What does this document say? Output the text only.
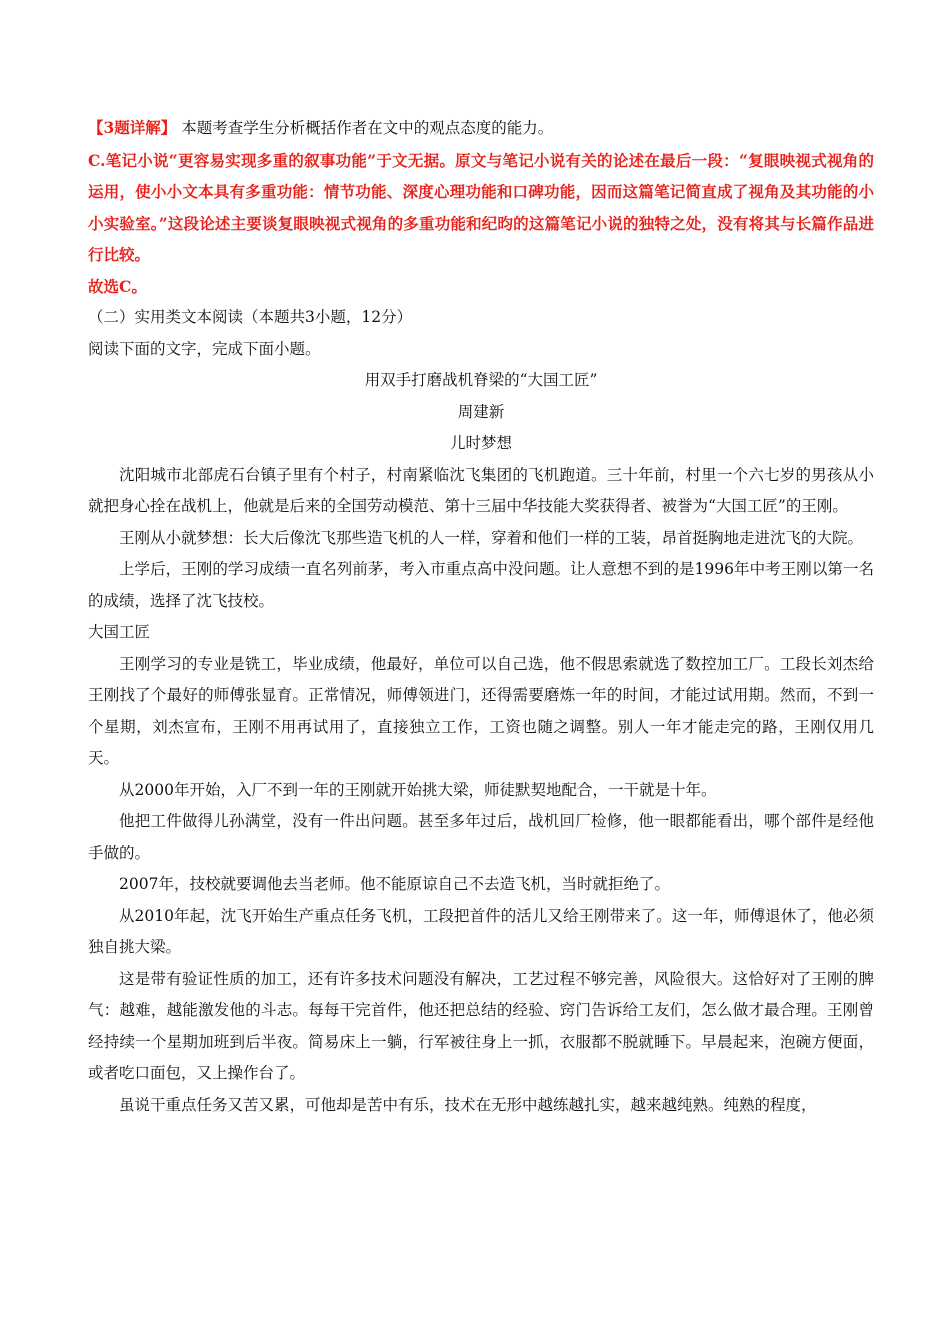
【3题详解】 本题考查学生分析概括作者在文中的观点态度的能力。

C.笔记小说“更容易实现多重的叙事功能”于文无据。原文与笔记小说有关的论述在最后一段：“复眼映视式视角的运用，使小小文本具有多重功能：情节功能、深度心理功能和口碑功能，因而这篇笔记简直成了视角及其功能的小小实验室。”这段论述主要谈复眼映视式视角的多重功能和纪昀的这篇笔记小说的独特之处，没有将其与长篇作品进行比较。

故选C。

（二）实用类文本阅读（本题共3小题，12分）

阅读下面的文字，完成下面小题。

用双手打磨战机脊梁的“大国工匠”

周建新

儿时梦想

沈阳城市北部虎石台镇子里有个村子，村南紧临沈飞集团的飞机跑道。三十年前，村里一个六七岁的男孩从小就把身心拴在战机上，他就是后来的全国劳动模范、第十三届中华技能大奖获得者、被誉为“大国工匠”的王刚。

王刚从小就梦想：长大后像沈飞那些造飞机的人一样，穿着和他们一样的工装，昂首挺胸地走进沈飞的大院。

上学后，王刚的学习成绩一直名列前茅，考入市重点高中没问题。让人意想不到的是1996年中考王刚以第一名的成绩，选择了沈飞技校。

大国工匠

王刚学习的专业是铣工，毕业成绩，他最好，单位可以自己选，他不假思索就选了数控加工厂。工段长刘杰给王刚找了个最好的师傅张显育。正常情况，师傅领进门，还得需要磨炼一年的时间，才能过试用期。然而，不到一个星期，刘杰宣布，王刚不用再试用了，直接独立工作，工资也随之调整。别人一年才能走完的路，王刚仅用几天。

从2000年开始，入厂不到一年的王刚就开始挑大梁，师徒默契地配合，一干就是十年。

他把工件做得儿孙满堂，没有一件出问题。甚至多年过后，战机回厂检修，他一眼都能看出，哪个部件是经他手做的。

2007年，技校就要调他去当老师。他不能原谅自己不去造飞机，当时就拒绝了。

从2010年起，沈飞开始生产重点任务飞机，工段把首件的活儿又给王刚带来了。这一年，师傅退休了，他必须独自挑大梁。

这是带有验证性质的加工，还有许多技术问题没有解决，工艺过程不够完善，风险很大。这恰好对了王刚的脾气：越难，越能激发他的斗志。每每干完首件，他还把总结的经验、窍门告诉给工友们，怎么做才最合理。王刚曾经持续一个星期加班到后半夜。简易床上一躺，行军被往身上一抓，衣服都不脱就睡下。早晨起来，泡碗方便面，或者吃口面包，又上操作台了。

虽说干重点任务又苦又累，可他却是苦中有乐，技术在无形中越练越扎实，越来越纯熟。纯熟的程度，
